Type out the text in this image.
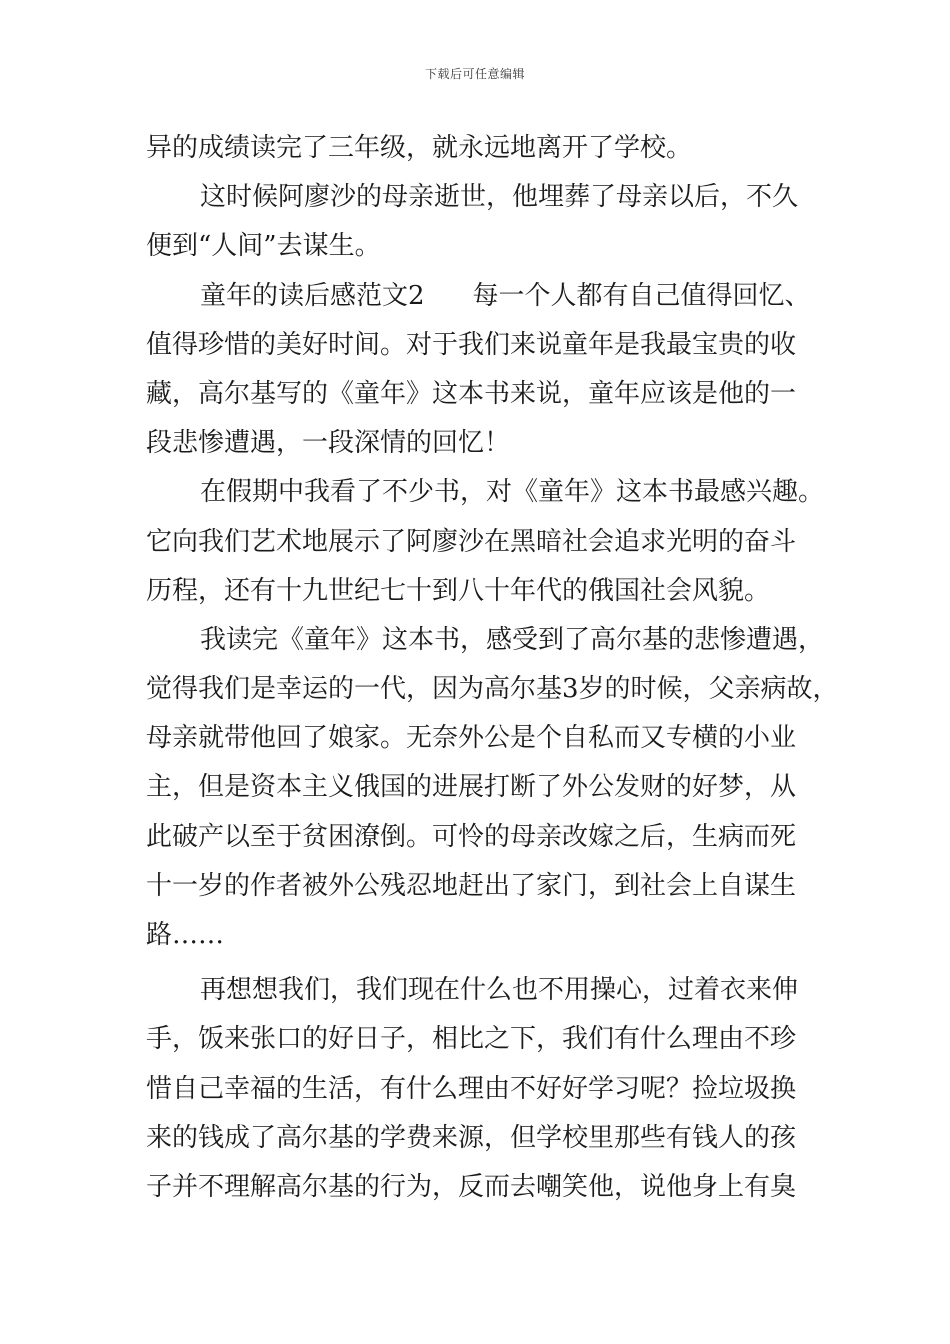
下载后可任意编辑
异的成绩读完了三年级，就永远地离开了学校。
这时候阿廖沙的母亲逝世，他埋葬了母亲以后，不久
便到“人间”去谋生。
童年的读后感范文2 每一个人都有自己值得回忆、
值得珍惜的美好时间。对于我们来说童年是我最宝贵的收
藏，高尔基写的《童年》这本书来说，童年应该是他的一
段悲惨遭遇，一段深情的回忆！
在假期中我看了不少书，对《童年》这本书最感兴趣。
它向我们艺术地展示了阿廖沙在黑暗社会追求光明的奋斗
历程，还有十九世纪七十到八十年代的俄国社会风貌。
我读完《童年》这本书，感受到了高尔基的悲惨遭遇，
觉得我们是幸运的一代，因为高尔基3岁的时候，父亲病故，
母亲就带他回了娘家。无奈外公是个自私而又专横的小业
主，但是资本主义俄国的进展打断了外公发财的好梦，从
此破产以至于贫困潦倒。可怜的母亲改嫁之后，生病而死
十一岁的作者被外公残忍地赶出了家门，到社会上自谋生
路……
再想想我们，我们现在什么也不用操心，过着衣来伸
手，饭来张口的好日子，相比之下，我们有什么理由不珍
惜自己幸福的生活，有什么理由不好好学习呢？捡垃圾换
来的钱成了高尔基的学费来源，但学校里那些有钱人的孩
子并不理解高尔基的行为，反而去嘲笑他，说他身上有臭
